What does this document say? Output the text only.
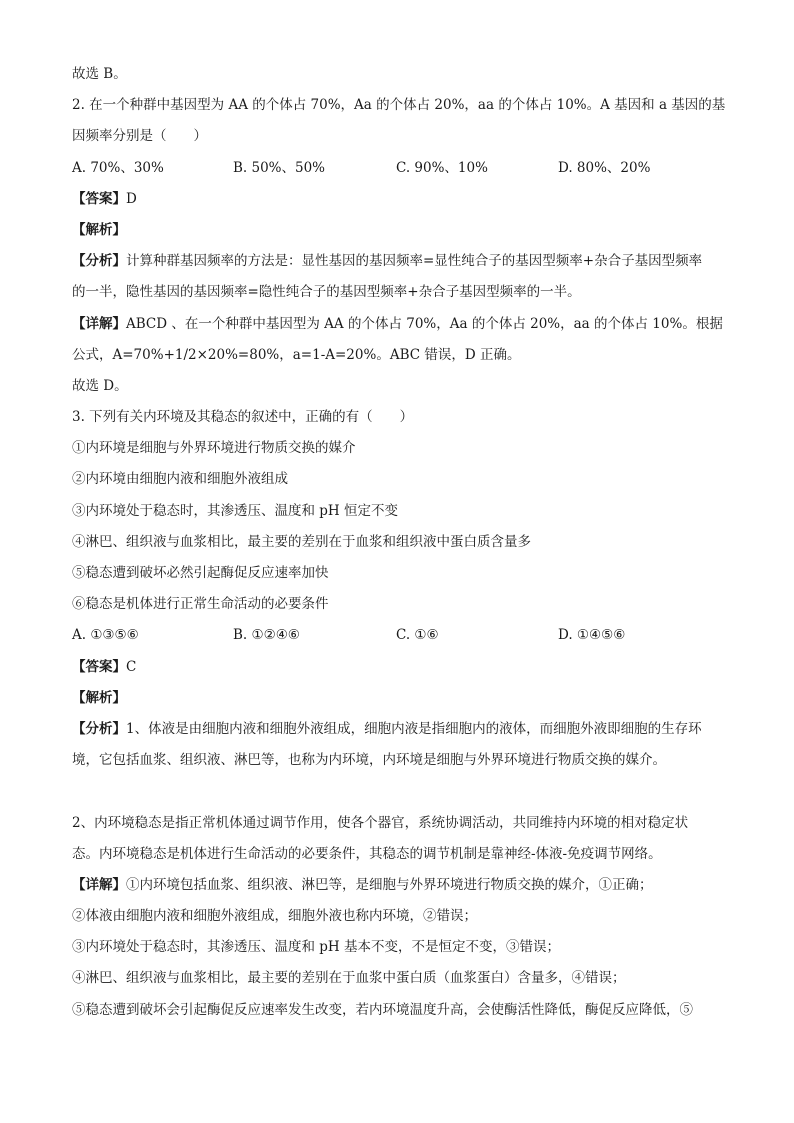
故选 B。
2. 在一个种群中基因型为 AA 的个体占 70%，Aa 的个体占 20%，aa 的个体占 10%。A 基因和 a 基因的基
因频率分别是（　　）
A. 70%、30%	B. 50%、50%	C. 90%、10%	D. 80%、20%
【答案】D
【解析】
【分析】计算种群基因频率的方法是：显性基因的基因频率=显性纯合子的基因型频率+杂合子基因型频率
的一半，隐性基因的基因频率=隐性纯合子的基因型频率+杂合子基因型频率的一半。
【详解】ABCD 、在一个种群中基因型为 AA 的个体占 70%，Aa 的个体占 20%，aa 的个体占 10%。根据
公式，A=70%+1/2×20%=80%，a=1-A=20%。ABC 错误，D 正确。
故选 D。
3. 下列有关内环境及其稳态的叙述中，正确的有（　　）
①内环境是细胞与外界环境进行物质交换的媒介
②内环境由细胞内液和细胞外液组成
③内环境处于稳态时，其渗透压、温度和 pH 恒定不变
④淋巴、组织液与血浆相比，最主要的差别在于血浆和组织液中蛋白质含量多
⑤稳态遭到破坏必然引起酶促反应速率加快
⑥稳态是机体进行正常生命活动的必要条件
A. ①③⑤⑥	B. ①②④⑥	C. ①⑥	D. ①④⑤⑥
【答案】C
【解析】
【分析】1、体液是由细胞内液和细胞外液组成，细胞内液是指细胞内的液体，而细胞外液即细胞的生存环
境，它包括血浆、组织液、淋巴等，也称为内环境，内环境是细胞与外界环境进行物质交换的媒介。
2、内环境稳态是指正常机体通过调节作用，使各个器官，系统协调活动，共同维持内环境的相对稳定状
态。内环境稳态是机体进行生命活动的必要条件，其稳态的调节机制是靠神经-体液-免疫调节网络。
【详解】①内环境包括血浆、组织液、淋巴等，是细胞与外界环境进行物质交换的媒介，①正确；
②体液由细胞内液和细胞外液组成，细胞外液也称内环境，②错误；
③内环境处于稳态时，其渗透压、温度和 pH 基本不变，不是恒定不变，③错误；
④淋巴、组织液与血浆相比，最主要的差别在于血浆中蛋白质（血浆蛋白）含量多，④错误；
⑤稳态遭到破坏会引起酶促反应速率发生改变，若内环境温度升高，会使酶活性降低，酶促反应降低，⑤
